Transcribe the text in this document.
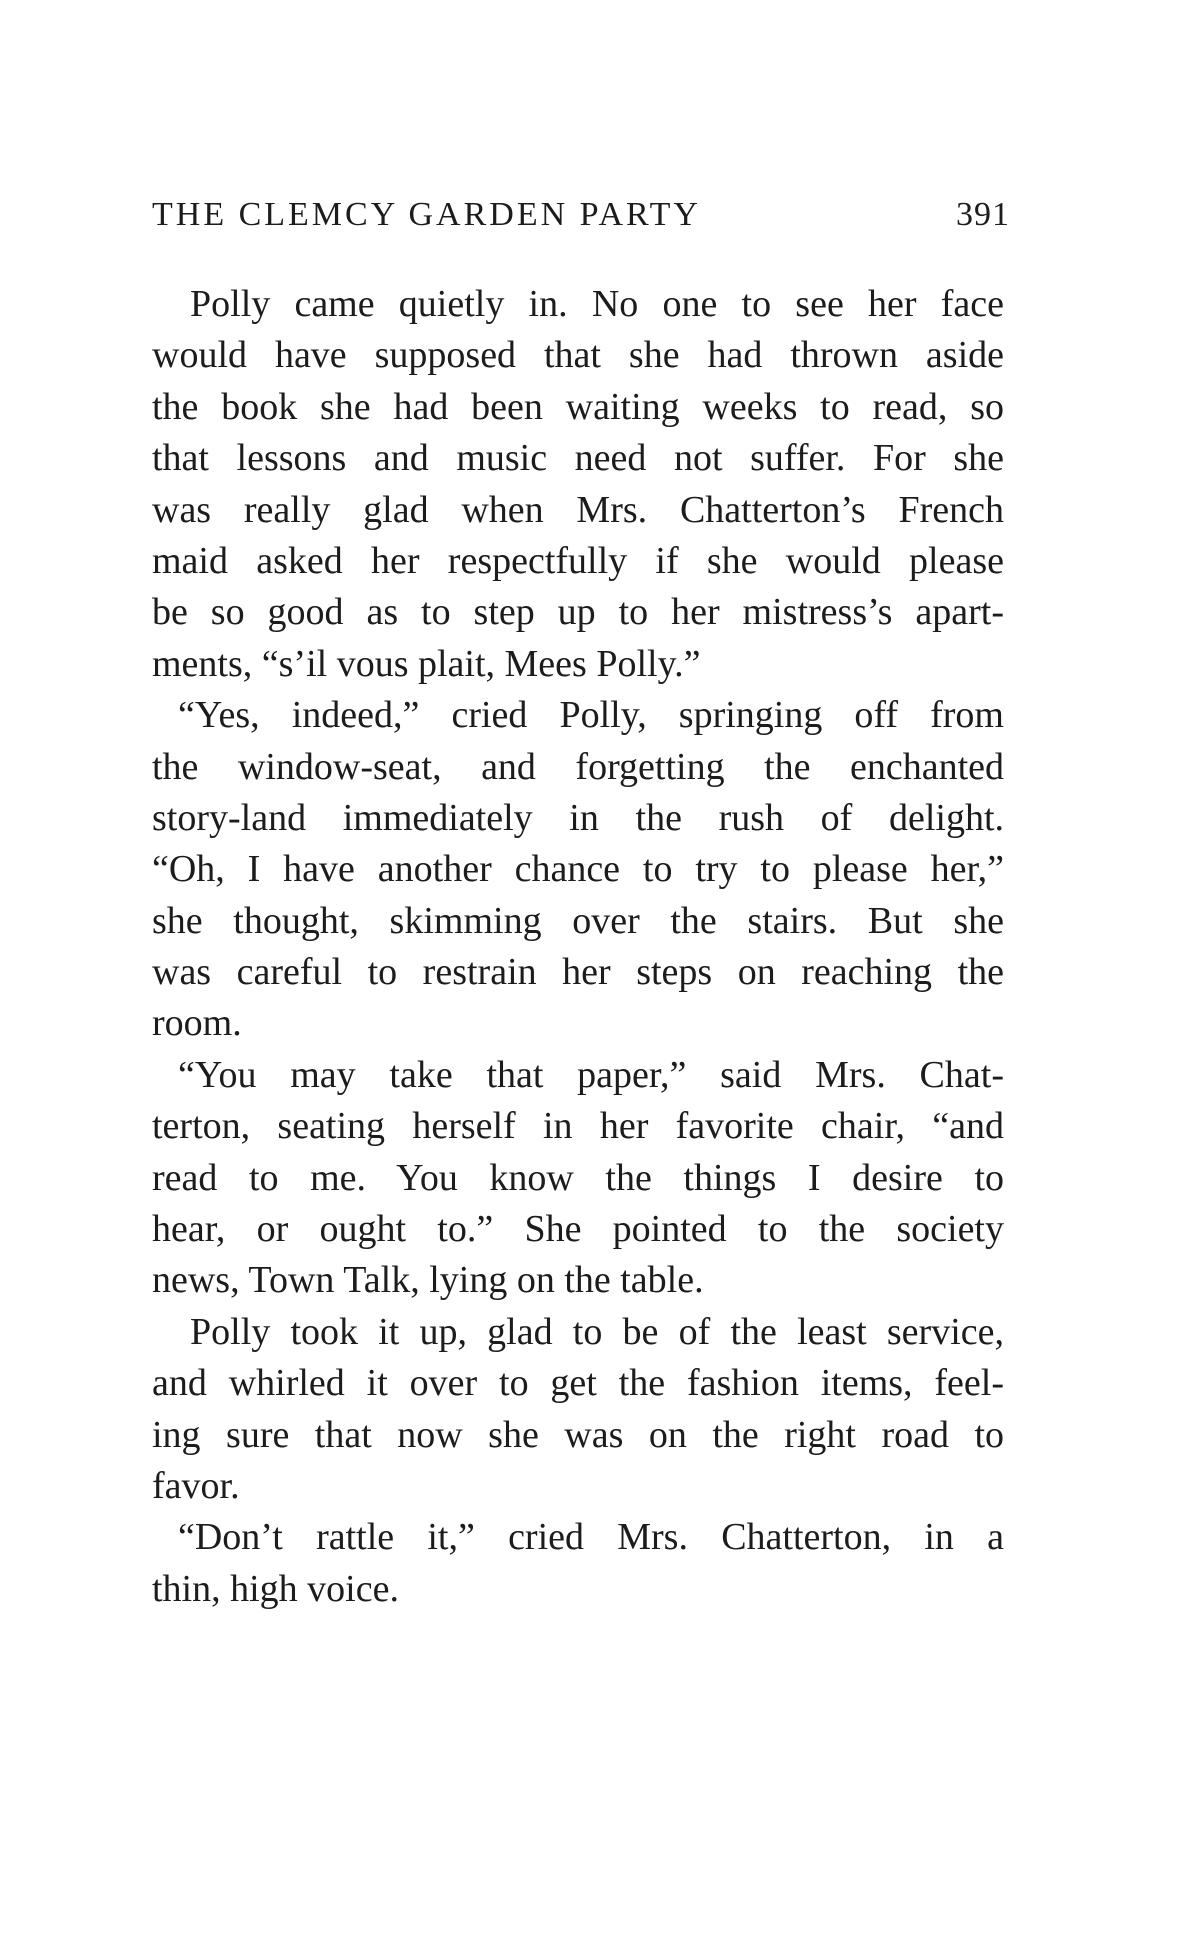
THE CLEMCY GARDEN PARTY	391
Polly came quietly in. No one to see her face
would have supposed that she had thrown aside
the book she had been waiting weeks to read, so
that lessons and music need not suffer. For she
was really glad when Mrs. Chatterton’s French
maid asked her respectfully if she would please
be so good as to step up to her mistress’s apart-
ments, “s’il vous plait, Mees Polly.”
“Yes, indeed,” cried Polly, springing off from
the window-seat, and forgetting the enchanted
story-land immediately in the rush of delight.
“Oh, I have another chance to try to please her,”
she thought, skimming over the stairs. But she
was careful to restrain her steps on reaching the
room.
“You may take that paper,” said Mrs. Chat-
terton, seating herself in her favorite chair, “and
read to me. You know the things I desire to
hear, or ought to.” She pointed to the society
news, Town Talk, lying on the table.
Polly took it up, glad to be of the least service,
and whirled it over to get the fashion items, feel-
ing sure that now she was on the right road to
favor.
“Don’t rattle it,” cried Mrs. Chatterton, in a
thin, high voice.
